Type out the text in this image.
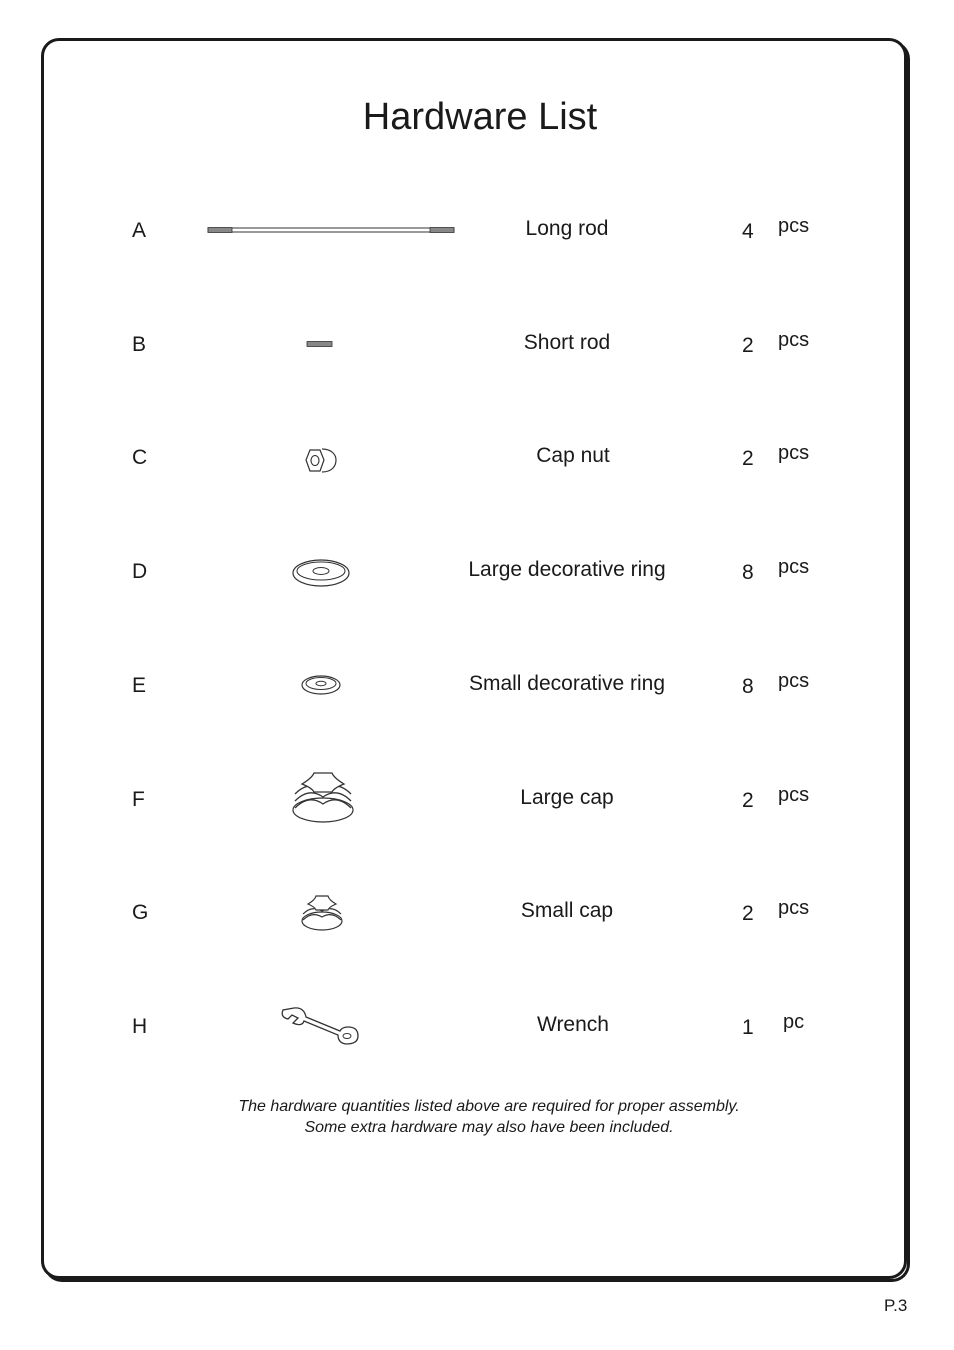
Hardware List
A	Long rod	4 pcs
B	Short rod	2 pcs
C	Cap nut	2 pcs
D	Large decorative ring	8 pcs
E	Small decorative ring	8 pcs
F	Large cap	2 pcs
G	Small cap	2 pcs
H	Wrench	1 pc
The hardware quantities listed above are required for proper assembly.
Some extra hardware may also have been included.
P.3
